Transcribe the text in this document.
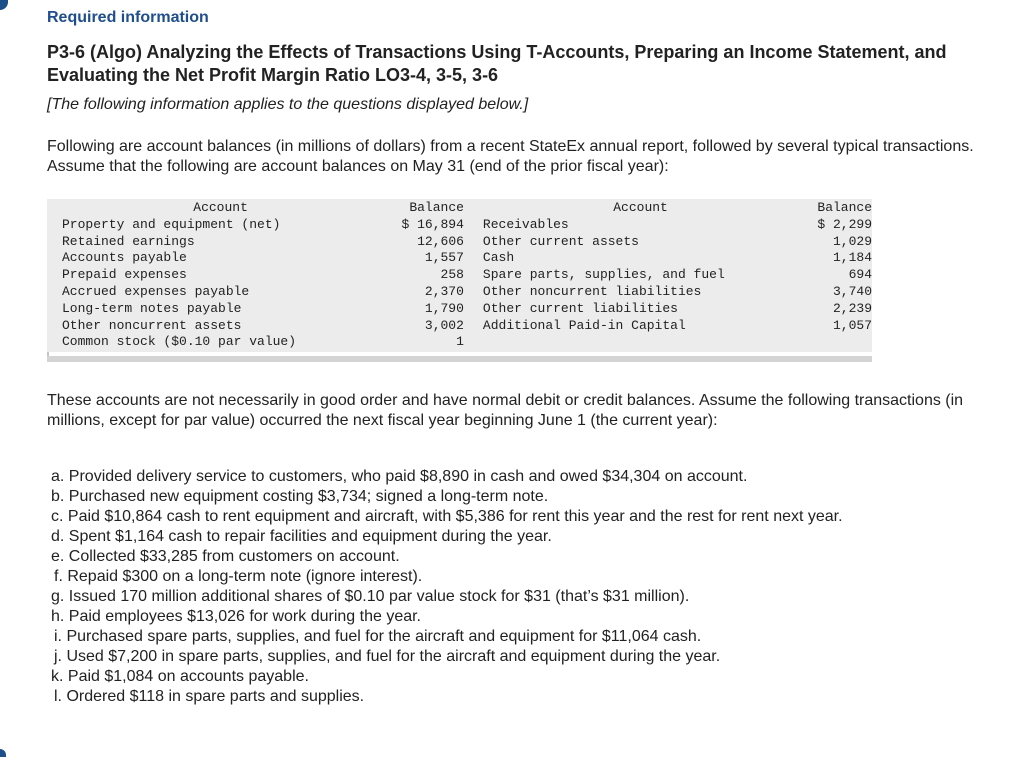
Required information
P3-6 (Algo) Analyzing the Effects of Transactions Using T-Accounts, Preparing an Income Statement, and Evaluating the Net Profit Margin Ratio LO3-4, 3-5, 3-6
[The following information applies to the questions displayed below.]
Following are account balances (in millions of dollars) from a recent StateEx annual report, followed by several typical transactions. Assume that the following are account balances on May 31 (end of the prior fiscal year):
Account	Balance	Account	Balance
Property and equipment (net)	$ 16,894	Receivables	$ 2,299
Retained earnings	12,606	Other current assets	1,029
Accounts payable	1,557	Cash	1,184
Prepaid expenses	258	Spare parts, supplies, and fuel	694
Accrued expenses payable	2,370	Other noncurrent liabilities	3,740
Long-term notes payable	1,790	Other current liabilities	2,239
Other noncurrent assets	3,002	Additional Paid-in Capital	1,057
Common stock ($0.10 par value)	1		
These accounts are not necessarily in good order and have normal debit or credit balances. Assume the following transactions (in millions, except for par value) occurred the next fiscal year beginning June 1 (the current year):
a. Provided delivery service to customers, who paid $8,890 in cash and owed $34,304 on account.
b. Purchased new equipment costing $3,734; signed a long-term note.
c. Paid $10,864 cash to rent equipment and aircraft, with $5,386 for rent this year and the rest for rent next year.
d. Spent $1,164 cash to repair facilities and equipment during the year.
e. Collected $33,285 from customers on account.
f. Repaid $300 on a long-term note (ignore interest).
g. Issued 170 million additional shares of $0.10 par value stock for $31 (that’s $31 million).
h. Paid employees $13,026 for work during the year.
i. Purchased spare parts, supplies, and fuel for the aircraft and equipment for $11,064 cash.
j. Used $7,200 in spare parts, supplies, and fuel for the aircraft and equipment during the year.
k. Paid $1,084 on accounts payable.
l. Ordered $118 in spare parts and supplies.
